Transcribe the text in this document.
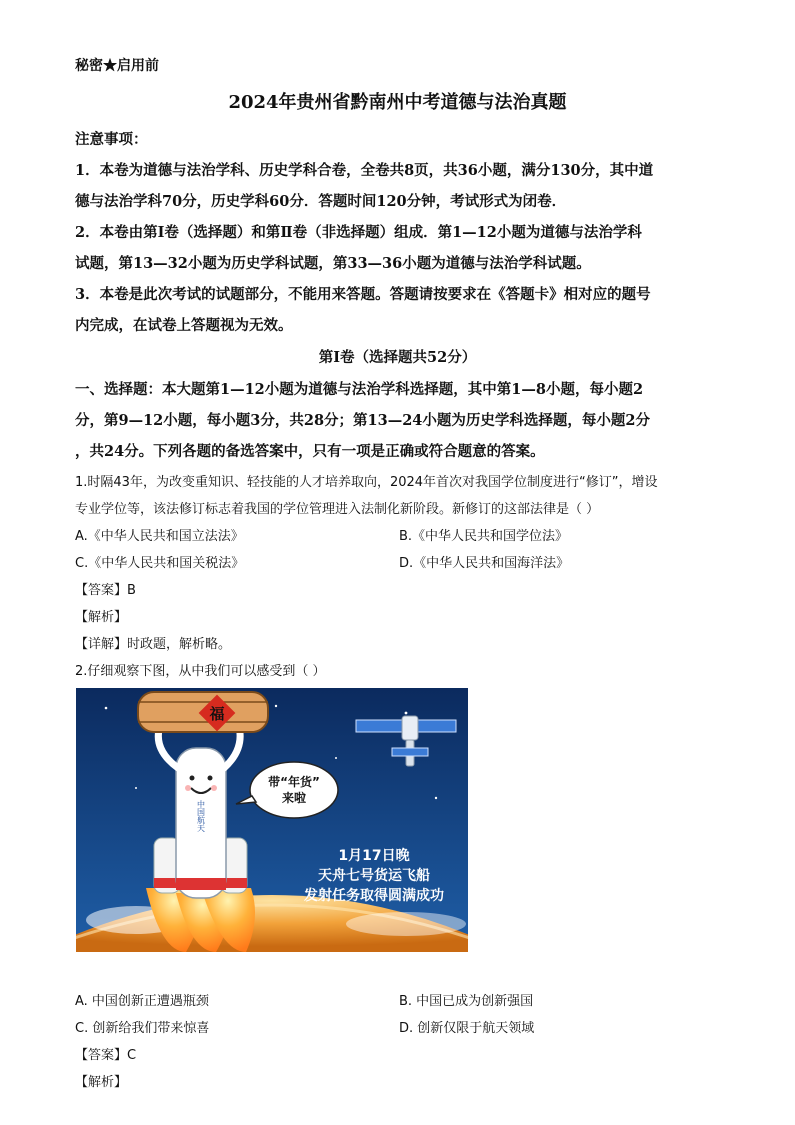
秘密★启用前
2024年贵州省黔南州中考道德与法治真题
注意事项：
1．本卷为道德与法治学科、历史学科合卷，全卷共8页，共36小题，满分130分，其中道
德与法治学科70分，历史学科60分．答题时间120分钟，考试形式为闭卷．
2．本卷由第Ⅰ卷（选择题）和第Ⅱ卷（非选择题）组成．第1—12小题为道德与法治学科
试题，第13—32小题为历史学科试题，第33—36小题为道德与法治学科试题。
3．本卷是此次考试的试题部分，不能用来答题。答题请按要求在《答题卡》相对应的题号
内完成，在试卷上答题视为无效。
第Ⅰ卷（选择题共52分）
一、选择题：本大题第1—12小题为道德与法治学科选择题，其中第1—8小题，每小题2
分，第9—12小题，每小题3分，共28分；第13—24小题为历史学科选择题，每小题2分
，共24分。下列各题的备选答案中，只有一项是正确或符合题意的答案。
1.时隔43年，为改变重知识、轻技能的人才培养取向，2024年首次对我国学位制度进行“修订”，增设
专业学位等，该法修订标志着我国的学位管理进入法制化新阶段。新修订的这部法律是（ ）
A.《中华人民共和国立法法》	B.《中华人民共和国学位法》
C.《中华人民共和国关税法》	D.《中华人民共和国海洋法》
【答案】B
【解析】
【详解】时政题，解析略。
2.仔细观察下图，从中我们可以感受到（ ）
中国航天
福
带“年货”
来啦
1月17日晚
天舟七号货运飞船
发射任务取得圆满成功
A. 中国创新正遭遇瓶颈	B. 中国已成为创新强国
C. 创新给我们带来惊喜	D. 创新仅限于航天领域
【答案】C
【解析】
